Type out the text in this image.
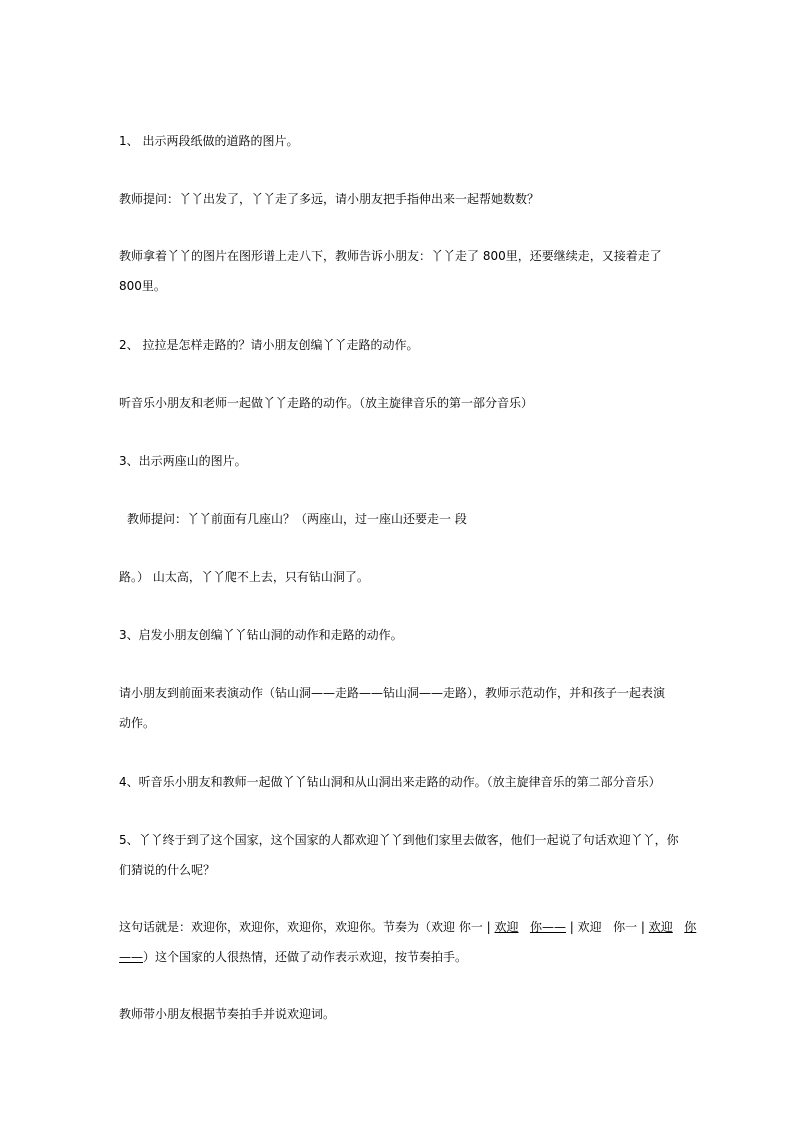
1、 出示两段纸做的道路的图片。
教师提问：丫丫出发了，丫丫走了多远，请小朋友把手指伸出来一起帮她数数？
教师拿着丫丫的图片在图形谱上走八下，教师告诉小朋友：丫丫走了 800里，还要继续走，又接着走了
800里。
2、 拉拉是怎样走路的？请小朋友创编丫丫走路的动作。
听音乐小朋友和老师一起做丫丫走路的动作。（放主旋律音乐的第一部分音乐）
3、出示两座山的图片。
教师提问：丫丫前面有几座山？（两座山，过一座山还要走一 段
路。） 山太高，丫丫爬不上去，只有钻山洞了。
3、启发小朋友创编丫丫钻山洞的动作和走路的动作。
请小朋友到前面来表演动作（钻山洞——走路——钻山洞——走路），教师示范动作，并和孩子一起表演
动作。
4、听音乐小朋友和教师一起做丫丫钻山洞和从山洞出来走路的动作。（放主旋律音乐的第二部分音乐）
5、丫丫终于到了这个国家，这个国家的人都欢迎丫丫到他们家里去做客，他们一起说了句话欢迎丫丫，你
们猜说的什么呢？
这句话就是：欢迎你，欢迎你，欢迎你，欢迎你。节奏为（欢迎 你一 | 欢迎 你—— | 欢迎   你一 | 欢迎 你
——）这个国家的人很热情，还做了动作表示欢迎，按节奏拍手。
教师带小朋友根据节奏拍手并说欢迎词。
